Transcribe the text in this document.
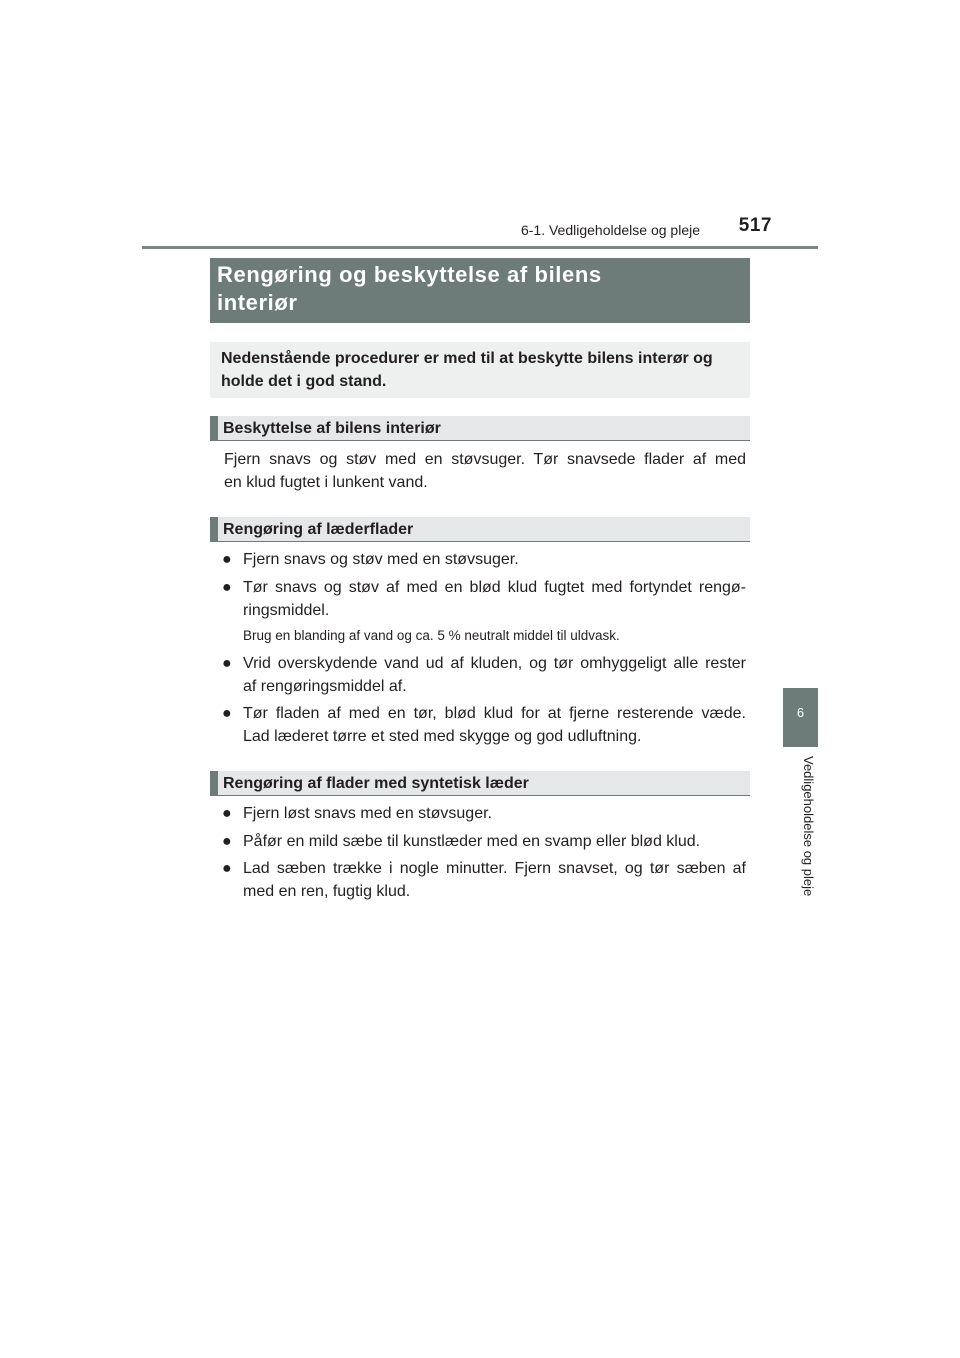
6-1. Vedligeholdelse og pleje 517
6
Vedligeholdelse og pleje
Rengøring og beskyttelse af bilens
interiør
Nedenstående procedurer er med til at beskytte bilens interør og
holde det i god stand.
Beskyttelse af bilens interiør
Fjern snavs og støv med en støvsuger. Tør snavsede flader af med
en klud fugtet i lunkent vand.
Rengøring af læderflader
● Fjern snavs og støv med en støvsuger.
● Tør snavs og støv af med en blød klud fugtet med fortyndet rengø-
ringsmiddel.
Brug en blanding af vand og ca. 5 % neutralt middel til uldvask.
● Vrid overskydende vand ud af kluden, og tør omhyggeligt alle rester
af rengøringsmiddel af.
● Tør fladen af med en tør, blød klud for at fjerne resterende væde.
Lad læderet tørre et sted med skygge og god udluftning.
Rengøring af flader med syntetisk læder
● Fjern løst snavs med en støvsuger.
● Påfør en mild sæbe til kunstlæder med en svamp eller blød klud.
● Lad sæben trække i nogle minutter. Fjern snavset, og tør sæben af
med en ren, fugtig klud.
